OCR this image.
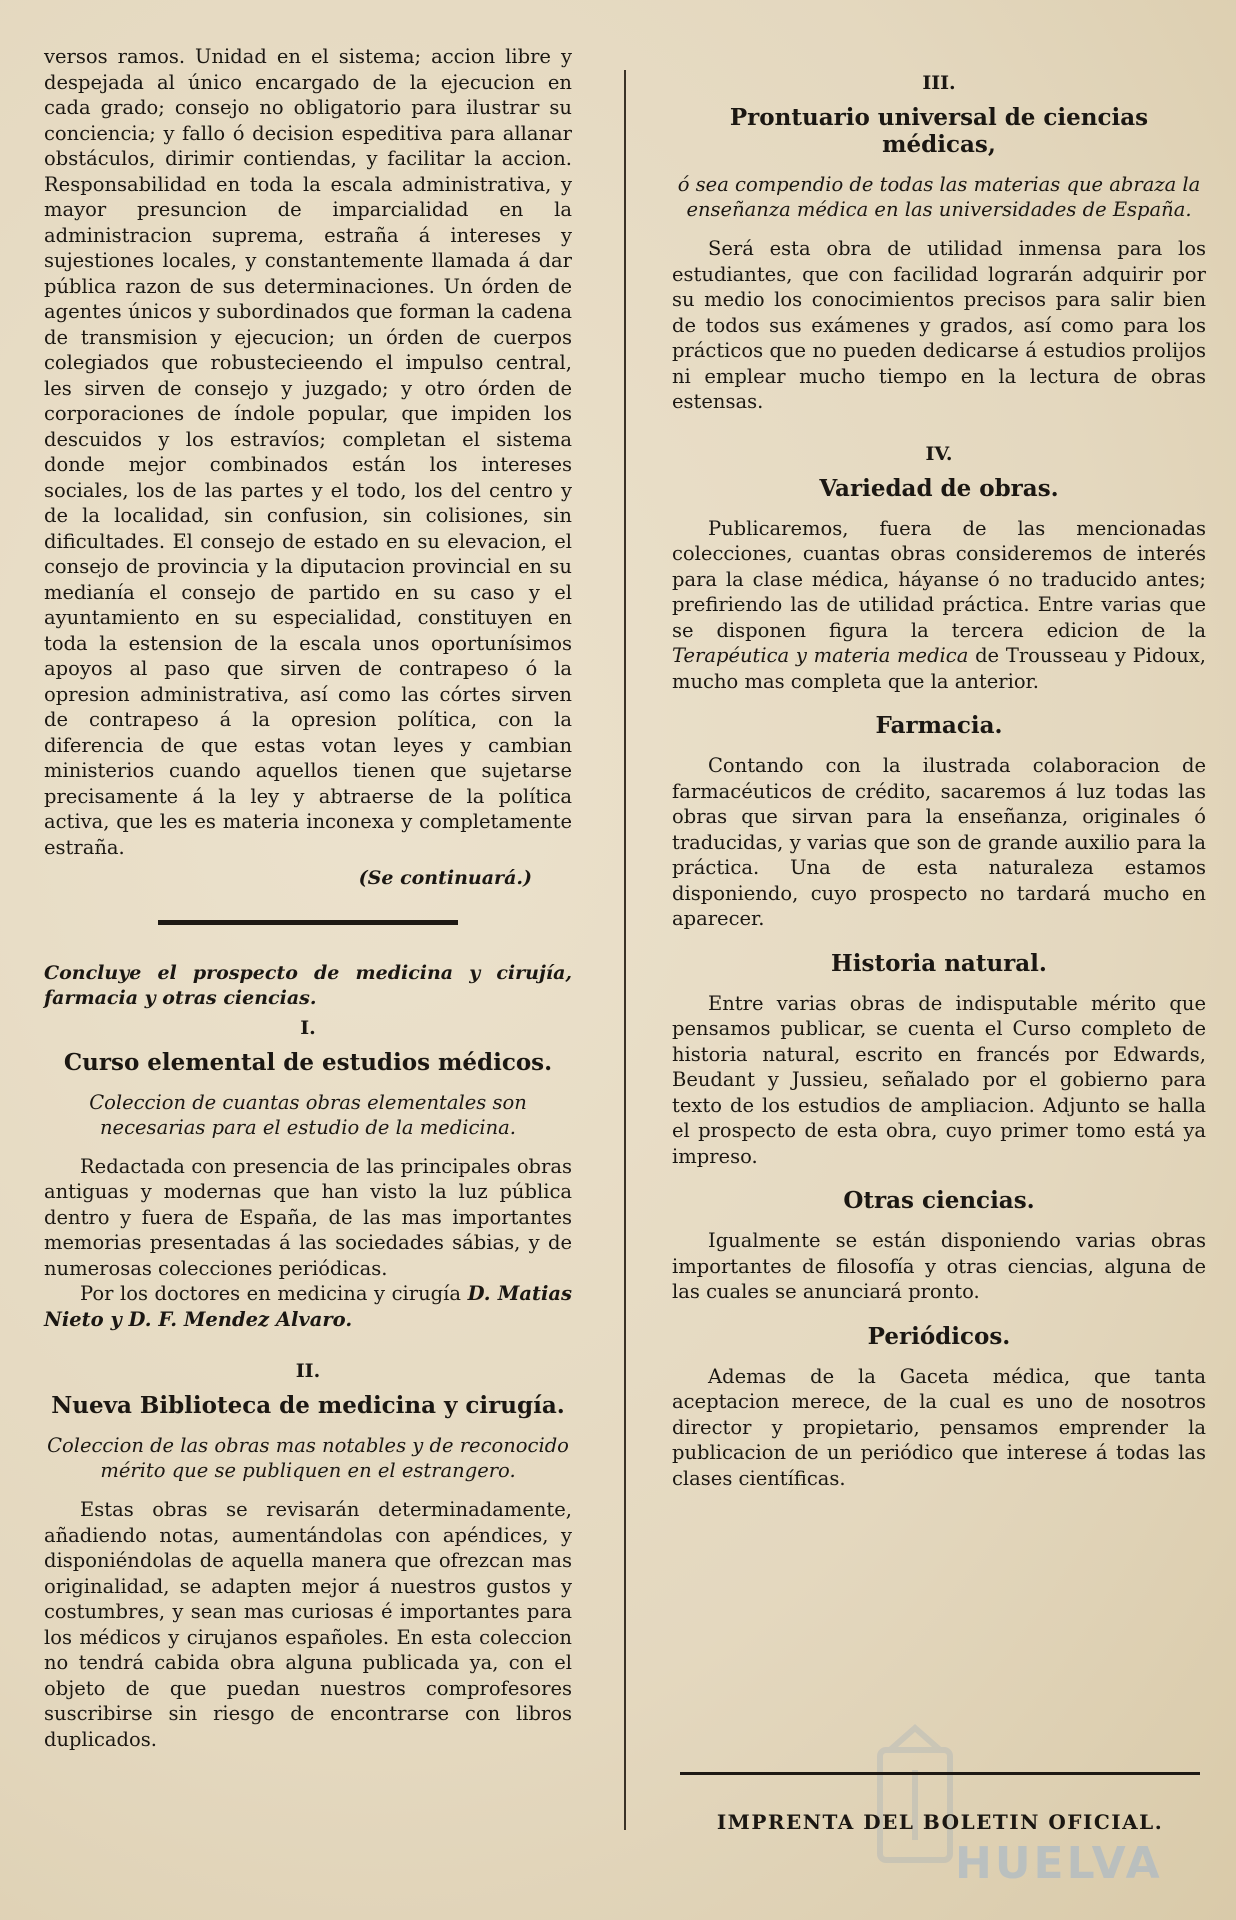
versos ramos. Unidad en el sistema; accion libre y despejada al único encargado de la ejecucion en cada grado; consejo no obligatorio para ilustrar su conciencia; y fallo ó decision espeditiva para allanar obstáculos, dirimir contiendas, y facilitar la accion. Responsabilidad en toda la escala administrativa, y mayor presuncion de imparcialidad en la administracion suprema, estraña á intereses y sujestiones locales, y constantemente llamada á dar pública razon de sus determinaciones. Un órden de agentes únicos y subordinados que forman la cadena de transmision y ejecucion; un órden de cuerpos colegiados que robustecieendo el impulso central, les sirven de consejo y juzgado; y otro órden de corporaciones de índole popular, que impiden los descuidos y los estravíos; completan el sistema donde mejor combinados están los intereses sociales, los de las partes y el todo, los del centro y de la localidad, sin confusion, sin colisiones, sin dificultades. El consejo de estado en su elevacion, el consejo de provincia y la diputacion provincial en su medianía el consejo de partido en su caso y el ayuntamiento en su especialidad, constituyen en toda la estension de la escala unos oportunísimos apoyos al paso que sirven de contrapeso ó la opresion administrativa, así como las córtes sirven de contrapeso á la opresion política, con la diferencia de que estas votan leyes y cambian ministerios cuando aquellos tienen que sujetarse precisamente á la ley y abtraerse de la política activa, que les es materia inconexa y completamente estraña.

(Se continuará.)

Concluye el prospecto de medicina y cirujía, farmacia y otras ciencias.

I.
Curso elemental de estudios médicos.

Coleccion de cuantas obras elementales son necesarias para el estudio de la medicina.

Redactada con presencia de las principales obras antiguas y modernas que han visto la luz pública dentro y fuera de España, de las mas importantes memorias presentadas á las sociedades sábias, y de numerosas colecciones periódicas.

Por los doctores en medicina y cirugía D. Matias Nieto y D. F. Mendez Alvaro.

II.
Nueva Biblioteca de medicina y cirugía.

Coleccion de las obras mas notables y de reconocido mérito que se publiquen en el estrangero.

Estas obras se revisarán determinadamente, añadiendo notas, aumentándolas con apéndices, y disponiéndolas de aquella manera que ofrezcan mas originalidad, se adapten mejor á nuestros gustos y costumbres, y sean mas curiosas é importantes para los médicos y cirujanos españoles. En esta coleccion no tendrá cabida obra alguna publicada ya, con el objeto de que puedan nuestros comprofesores suscribirse sin riesgo de encontrarse con libros duplicados.

III.
Prontuario universal de ciencias médicas,

ó sea compendio de todas las materias que abraza la enseñanza médica en las universidades de España.

Será esta obra de utilidad inmensa para los estudiantes, que con facilidad lograrán adquirir por su medio los conocimientos precisos para salir bien de todos sus exámenes y grados, así como para los prácticos que no pueden dedicarse á estudios prolijos ni emplear mucho tiempo en la lectura de obras estensas.

IV.
Variedad de obras.

Publicaremos, fuera de las mencionadas colecciones, cuantas obras consideremos de interés para la clase médica, háyanse ó no traducido antes; prefiriendo las de utilidad práctica. Entre varias que se disponen figura la tercera edicion de la Terapéutica y materia medica de Trousseau y Pidoux, mucho mas completa que la anterior.

Farmacia.

Contando con la ilustrada colaboracion de farmacéuticos de crédito, sacaremos á luz todas las obras que sirvan para la enseñanza, originales ó traducidas, y varias que son de grande auxilio para la práctica. Una de esta naturaleza estamos disponiendo, cuyo prospecto no tardará mucho en aparecer.

Historia natural.

Entre varias obras de indisputable mérito que pensamos publicar, se cuenta el Curso completo de historia natural, escrito en francés por Edwards, Beudant y Jussieu, señalado por el gobierno para texto de los estudios de ampliacion. Adjunto se halla el prospecto de esta obra, cuyo primer tomo está ya impreso.

Otras ciencias.

Igualmente se están disponiendo varias obras importantes de filosofía y otras ciencias, alguna de las cuales se anunciará pronto.

Periódicos.

Ademas de la Gaceta médica, que tanta aceptacion merece, de la cual es uno de nosotros director y propietario, pensamos emprender la publicacion de un periódico que interese á todas las clases científicas.

HUELVA
IMPRENTA DEL BOLETIN OFICIAL.
